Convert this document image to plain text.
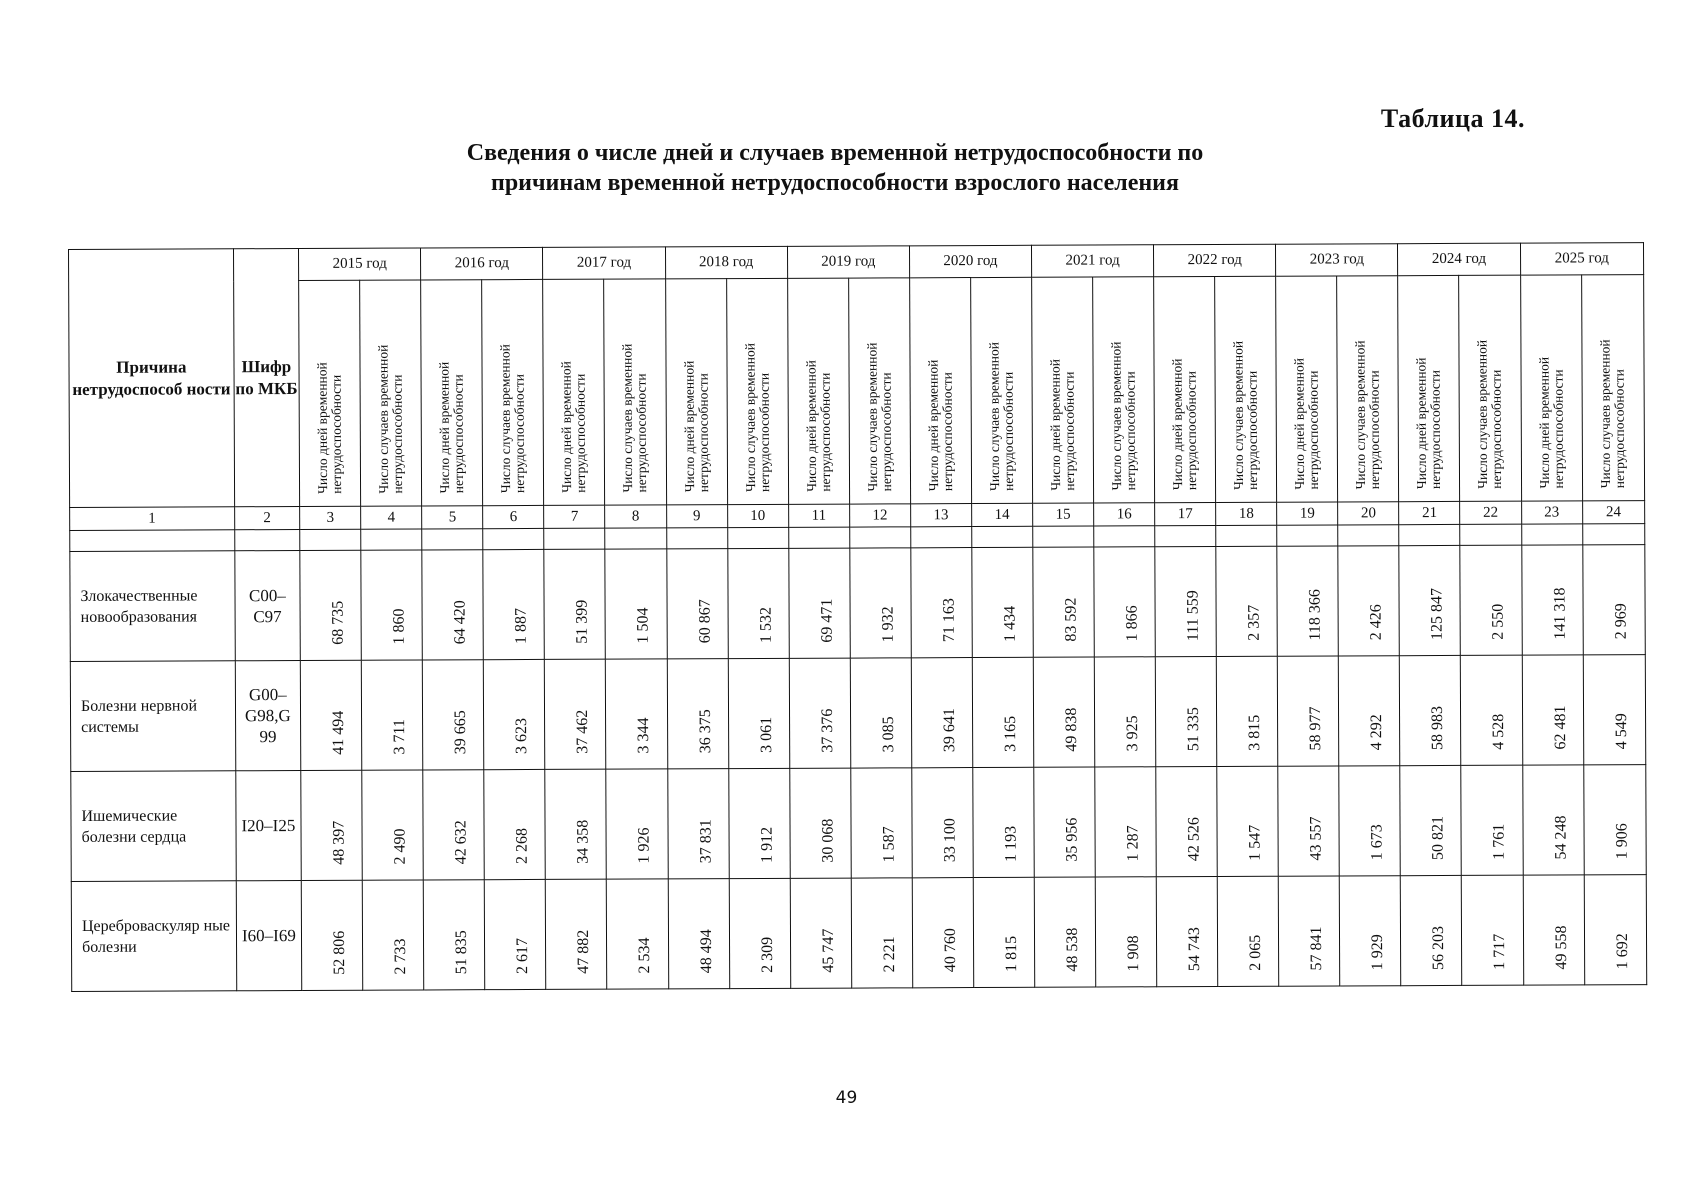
Таблица 14.
Сведения о числе дней и случаев временной нетрудоспособности по
причинам временной нетрудоспособности взрослого населения
Причина нетрудоспособ ности	Шифр по МКБ	2015 год		2016 год		2017 год		2018 год		2019 год		2020 год		2021 год		2022 год		2023 год		2024 год		2025 год	

		Число дней временной нетрудоспособности	Число случаев временной нетрудоспособности	Число дней временной нетрудоспособности	Число случаев временной нетрудоспособности	Число дней временной нетрудоспособности	Число случаев временной нетрудоспособности	Число дней временной нетрудоспособности	Число случаев временной нетрудоспособности	Число дней временной нетрудоспособности	Число случаев временной нетрудоспособности	Число дней временной нетрудоспособности	Число случаев временной нетрудоспособности	Число дней временной нетрудоспособности	Число случаев временной нетрудоспособности	Число дней временной нетрудоспособности	Число случаев временной нетрудоспособности	Число дней временной нетрудоспособности	Число случаев временной нетрудоспособности	Число дней временной нетрудоспособности	Число случаев временной нетрудоспособности	Число дней временной нетрудоспособности	Число случаев временной нетрудоспособности

1	2	3	4	5	6	7	8	9	10	11	12	13	14	15	16	17	18	19	20	21	22	23	24

Злокачественные новообразования	C00–C97	68 735	1 860	64 420	1 887	51 399	1 504	60 867	1 532	69 471	1 932	71 163	1 434	83 592	1 866	111 559	2 357	118 366	2 426	125 847	2 550	141 318	2 969

Болезни нервной системы	G00–G98,G 99	41 494	3 711	39 665	3 623	37 462	3 344	36 375	3 061	37 376	3 085	39 641	3 165	49 838	3 925	51 335	3 815	58 977	4 292	58 983	4 528	62 481	4 549

Ишемические болезни сердца	I20–I25	48 397	2 490	42 632	2 268	34 358	1 926	37 831	1 912	30 068	1 587	33 100	1 193	35 956	1 287	42 526	1 547	43 557	1 673	50 821	1 761	54 248	1 906

Цереброваскуляр ные болезни	I60–I69	52 806	2 733	51 835	2 617	47 882	2 534	48 494	2 309	45 747	2 221	40 760	1 815	48 538	1 908	54 743	2 065	57 841	1 929	56 203	1 717	49 558	1 692
49
